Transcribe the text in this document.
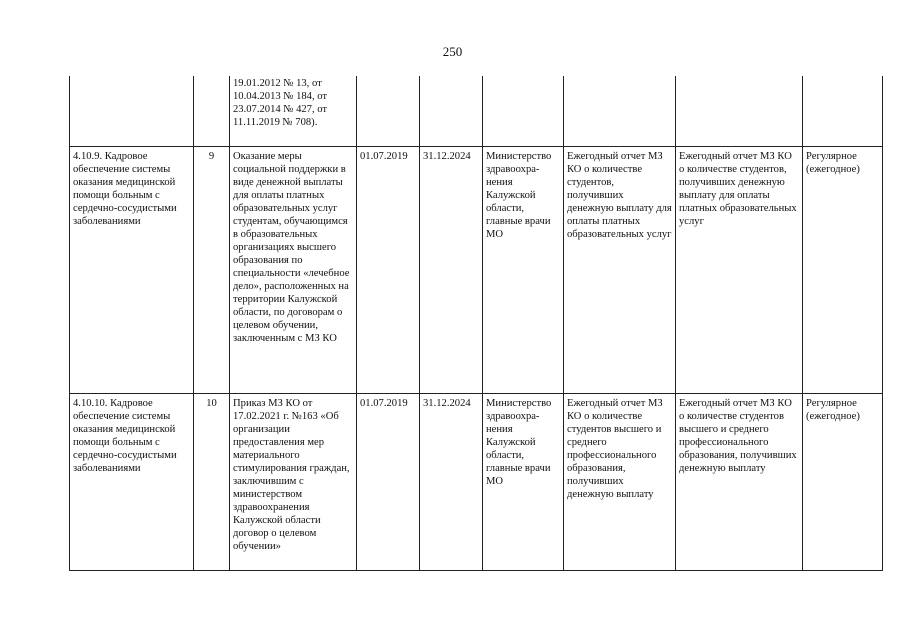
250
		19.01.2012 № 13, от 10.04.2013 № 184, от 23.07.2014 № 427, от 11.11.2019 № 708).						
4.10.9. Кадровое обеспечение системы оказания медицинской помощи больным с сердечно-сосудистыми заболеваниями	9	Оказание меры социальной поддержки в виде денежной выплаты для оплаты платных образовательных услуг студентам, обучающимся в образовательных организациях высшего образования по специальности «лечебное дело», расположенных на территории Калужской области, по договорам о целевом обучении, заключенным с МЗ КО	01.07.2019	31.12.2024	Министерство здравоохра-нения Калужской области, главные врачи МО	Ежегодный отчет МЗ КО о количестве студентов, получивших денежную выплату для оплаты платных образовательных услуг	Ежегодный отчет МЗ КО о количестве студентов, получивших денежную выплату для оплаты платных образовательных услуг	Регулярное (ежегодное)
4.10.10. Кадровое обеспечение системы оказания медицинской помощи больным с сердечно-сосудистыми заболеваниями	10	Приказ МЗ КО от 17.02.2021 г. №163 «Об организации предоставления мер материального стимулирования граждан, заключившим с министерством здравоохранения Калужской области договор о целевом обучении»	01.07.2019	31.12.2024	Министерство здравоохра-нения Калужской области, главные врачи МО	Ежегодный отчет МЗ КО о количестве студентов высшего и среднего профессионального образования, получивших денежную выплату	Ежегодный отчет МЗ КО о количестве студентов высшего и среднего профессионального образования, получивших денежную выплату	Регулярное (ежегодное)
